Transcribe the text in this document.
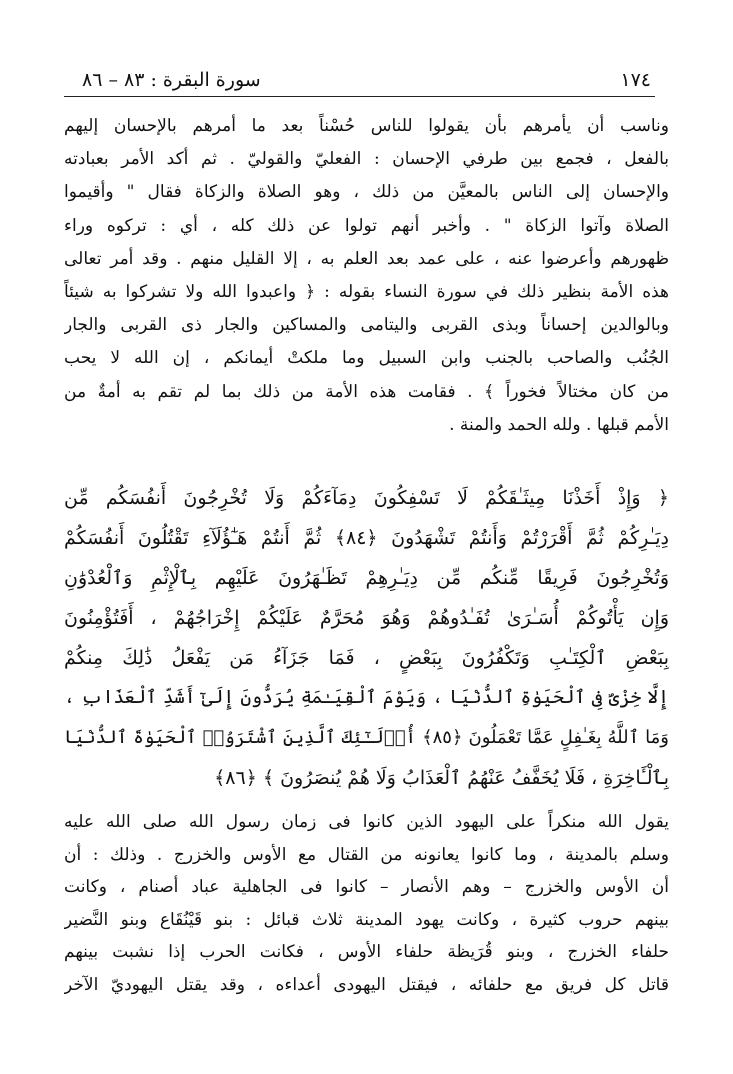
١٧٤
سورة البقرة : ٨٣ – ٨٦
وناسب أن يأمرهم بأن يقولوا للناس حُسْناً بعد ما أمرهم بالإحسان إليهم
بالفعل ، فجمع بين طرفي الإحسان : الفعليّ والقوليّ . ثم أكد الأمر بعبادته
والإحسان إلى الناس بالمعيَّن من ذلك ، وهو الصلاة والزكاة فقال " وأقيموا
الصلاة وآتوا الزكاة " . وأخبر أنهم تولوا عن ذلك كله ، أي : تركوه وراء
ظهورهم وأعرضوا عنه ، على عمد بعد العلم به ، إلا القليل منهم . وقد أمر تعالى
هذه الأمة بنظير ذلك في سورة النساء بقوله : ﴿ واعبدوا الله ولا تشركوا به شيئاً
وبالوالدين إحساناً وبذى القربى واليتامى والمساكين والجار ذى القربى والجار
الجُنُب والصاحب بالجنب وابن السبيل وما ملكتْ أيمانكم ، إن الله لا يحب
من كان مختالاً فخوراً ﴾ . فقامت هذه الأمة من ذلك بما لم تقم به أمةٌ من
الأمم قبلها . ولله الحمد والمنة .
﴿ وَإِذْ أَخَذْنَا مِيثَـٰقَكُمْ لَا تَسْفِكُونَ دِمَآءَكُمْ وَلَا تُخْرِجُونَ أَنفُسَكُم مِّن
دِيَـٰرِكُمْ ثُمَّ أَقْرَرْتُمْ وَأَنتُمْ تَشْهَدُونَ ﴿٨٤﴾ ثُمَّ أَنتُمْ هَـٰٓؤُلَآءِ تَقْتُلُونَ أَنفُسَكُمْ
وَتُخْرِجُونَ فَرِيقًا مِّنكُم مِّن دِيَـٰرِهِمْ تَظَـٰهَرُونَ عَلَيْهِم بِٱلْإِثْمِ وَٱلْعُدْوَٰنِ
وَإِن يَأْتُوكُمْ أُسَـٰرَىٰ تُفَـٰدُوهُمْ وَهُوَ مُحَرَّمٌ عَلَيْكُمْ إِخْرَاجُهُمْ ، أَفَتُؤْمِنُونَ
بِبَعْضِ ٱلْكِتَـٰبِ وَتَكْفُرُونَ بِبَعْضٍ ، فَمَا جَزَآءُ مَن يَفْعَلُ ذَٰلِكَ مِنكُمْ
إِلَّا خِزْىٌ فِى ٱلْحَيَوٰةِ ٱلدُّنْيَا ، وَيَوْمَ ٱلْقِيَـٰمَةِ يُرَدُّونَ إِلَىٰٓ أَشَدِّ ٱلْعَذَابِ ،
وَمَا ٱللَّهُ بِغَـٰفِلٍ عَمَّا تَعْمَلُونَ ﴿٨٥﴾ أُو۟لَـٰٓئِكَ ٱلَّذِينَ ٱشْتَرَوُا۟ ٱلْحَيَوٰةَ ٱلدُّنْيَا
بِٱلْـَٔاخِرَةِ ، فَلَا يُخَفَّفُ عَنْهُمُ ٱلْعَذَابُ وَلَا هُمْ يُنصَرُونَ ﴾ ﴿٨٦﴾
يقول الله منكراً على اليهود الذين كانوا فى زمان رسول الله صلى الله عليه
وسلم بالمدينة ، وما كانوا يعانونه من القتال مع الأوس والخزرج . وذلك : أن
أن الأوس والخزرج – وهم الأنصار – كانوا فى الجاهلية عباد أصنام ، وكانت
بينهم حروب كثيرة ، وكانت يهود المدينة ثلاث قبائل : بنو قَيْنُقَاع وبنو النَّضير
حلفاء الخزرج ، وبنو قُرَيظة حلفاء الأوس ، فكانت الحرب إذا نشبت بينهم
قاتل كل فريق مع حلفائه ، فيقتل اليهودى أعداءه ، وقد يقتل اليهوديّ الآخر
